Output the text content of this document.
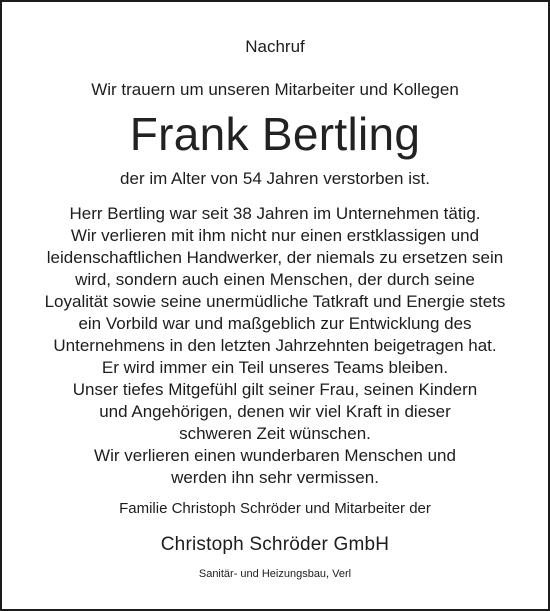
Nachruf

Wir trauern um unseren Mitarbeiter und Kollegen

Frank Bertling

der im Alter von 54 Jahren verstorben ist.

Herr Bertling war seit 38 Jahren im Unternehmen tätig.
Wir verlieren mit ihm nicht nur einen erstklassigen und
leidenschaftlichen Handwerker, der niemals zu ersetzen sein
wird, sondern auch einen Menschen, der durch seine
Loyalität sowie seine unermüdliche Tatkraft und Energie stets
ein Vorbild war und maßgeblich zur Entwicklung des
Unternehmens in den letzten Jahrzehnten beigetragen hat.
Er wird immer ein Teil unseres Teams bleiben.
Unser tiefes Mitgefühl gilt seiner Frau, seinen Kindern
und Angehörigen, denen wir viel Kraft in dieser
schweren Zeit wünschen.
Wir verlieren einen wunderbaren Menschen und
werden ihn sehr vermissen.

Familie Christoph Schröder und Mitarbeiter der

Christoph Schröder GmbH

Sanitär- und Heizungsbau, Verl
